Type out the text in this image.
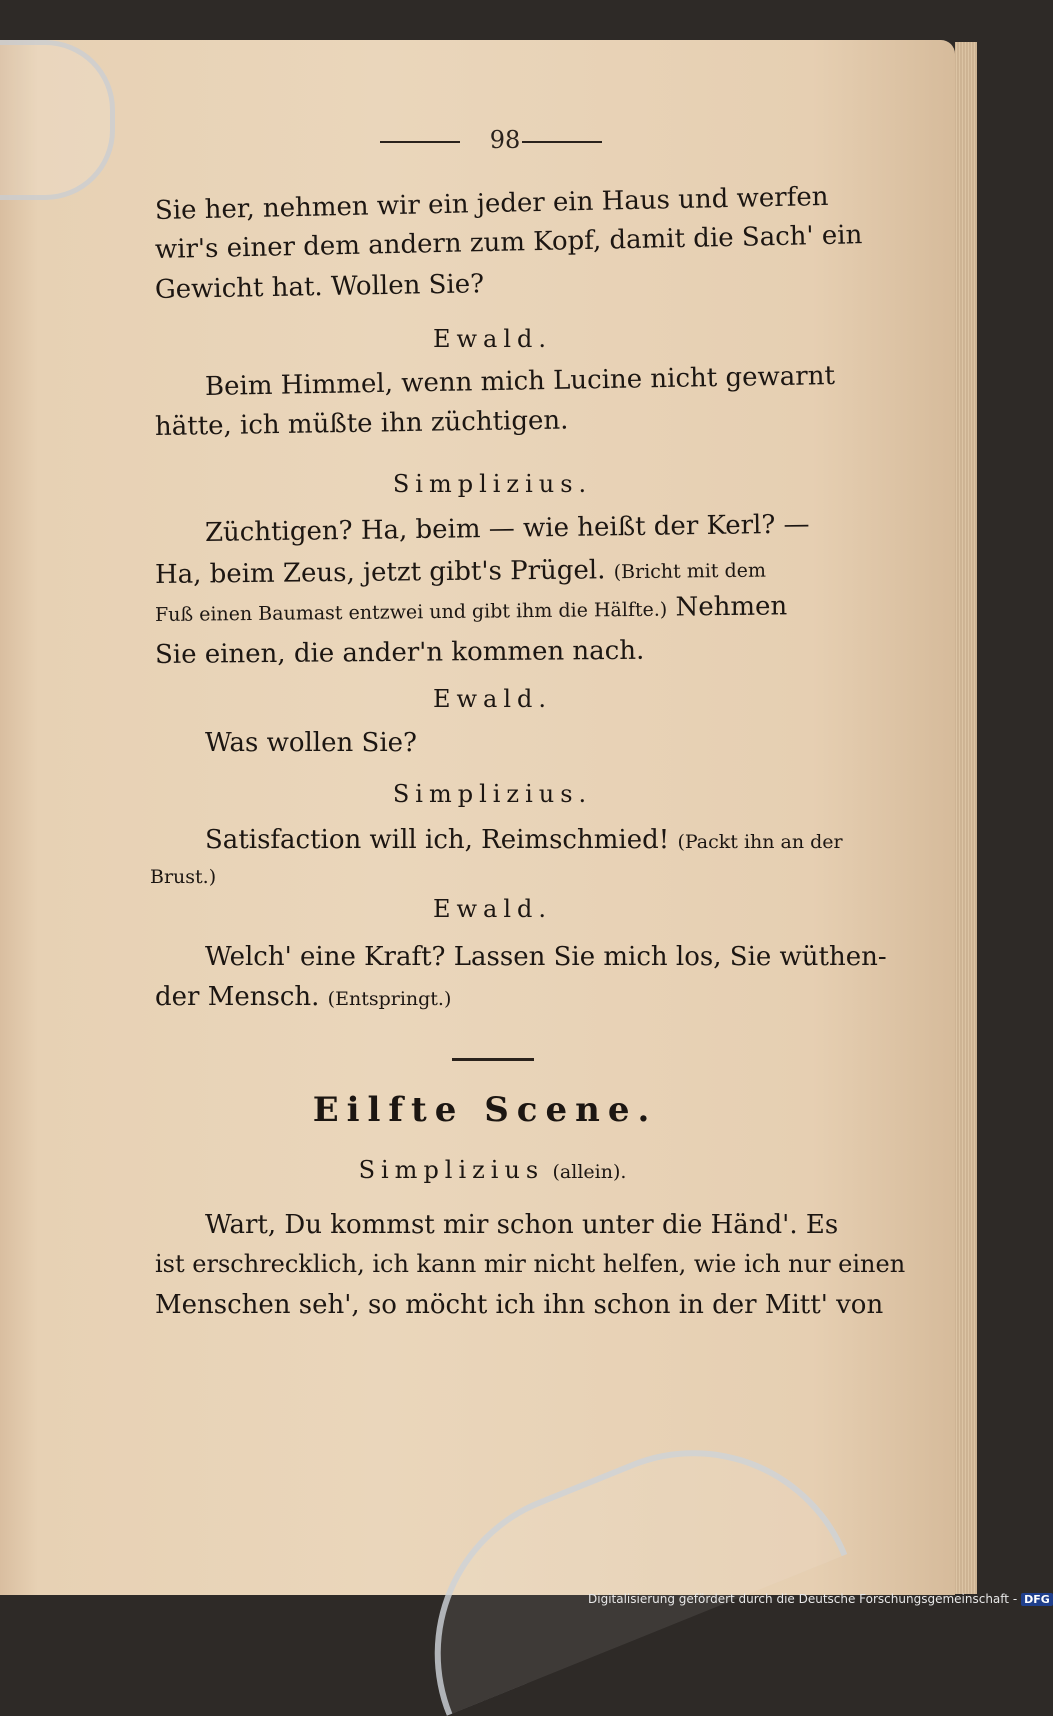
98
Sie her, nehmen wir ein jeder ein Haus und werfen
wir's einer dem andern zum Kopf, damit die Sach' ein
Gewicht hat. Wollen Sie?
Ewald.
Beim Himmel, wenn mich Lucine nicht gewarnt
hätte, ich müßte ihn züchtigen.
Simplizius.
Züchtigen? Ha, beim — wie heißt der Kerl? —
Ha, beim Zeus, jetzt gibt's Prügel. (Bricht mit dem
Fuß einen Baumast entzwei und gibt ihm die Hälfte.) Nehmen
Sie einen, die ander'n kommen nach.
Ewald.
Was wollen Sie?
Simplizius.
Satisfaction will ich, Reimschmied! (Packt ihn an der
Brust.)
Ewald.
Welch' eine Kraft? Lassen Sie mich los, Sie wüthen-
der Mensch. (Entspringt.)
Eilfte Scene.
Simplizius (allein).
Wart, Du kommst mir schon unter die Händ'. Es
ist erschrecklich, ich kann mir nicht helfen, wie ich nur einen
Menschen seh', so möcht ich ihn schon in der Mitt' von
Digitalisierung gefördert durch die Deutsche Forschungsgemeinschaft - DFG
